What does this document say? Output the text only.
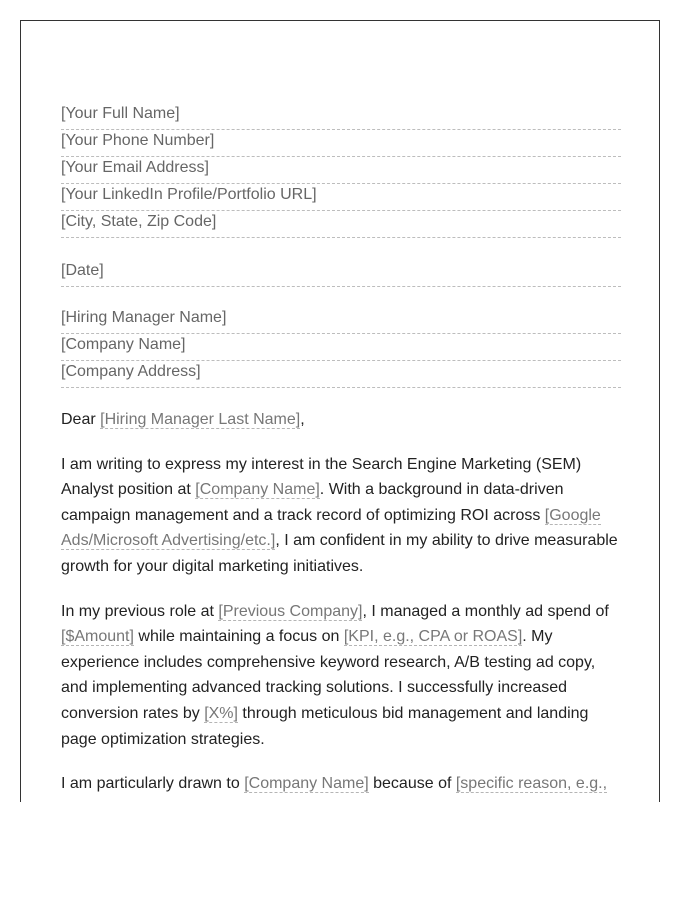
[Your Full Name]
[Your Phone Number]
[Your Email Address]
[Your LinkedIn Profile/Portfolio URL]
[City, State, Zip Code]
[Date]
[Hiring Manager Name]
[Company Name]
[Company Address]

Dear [Hiring Manager Last Name],

I am writing to express my interest in the Search Engine Marketing (SEM) Analyst position at [Company Name]. With a background in data-driven campaign management and a track record of optimizing ROI across [Google Ads/Microsoft Advertising/etc.], I am confident in my ability to drive measurable growth for your digital marketing initiatives.

In my previous role at [Previous Company], I managed a monthly ad spend of [$Amount] while maintaining a focus on [KPI, e.g., CPA or ROAS]. My experience includes comprehensive keyword research, A/B testing ad copy, and implementing advanced tracking solutions. I successfully increased conversion rates by [X%] through meticulous bid management and landing page optimization strategies.

I am particularly drawn to [Company Name] because of [specific reason, e.g.,
